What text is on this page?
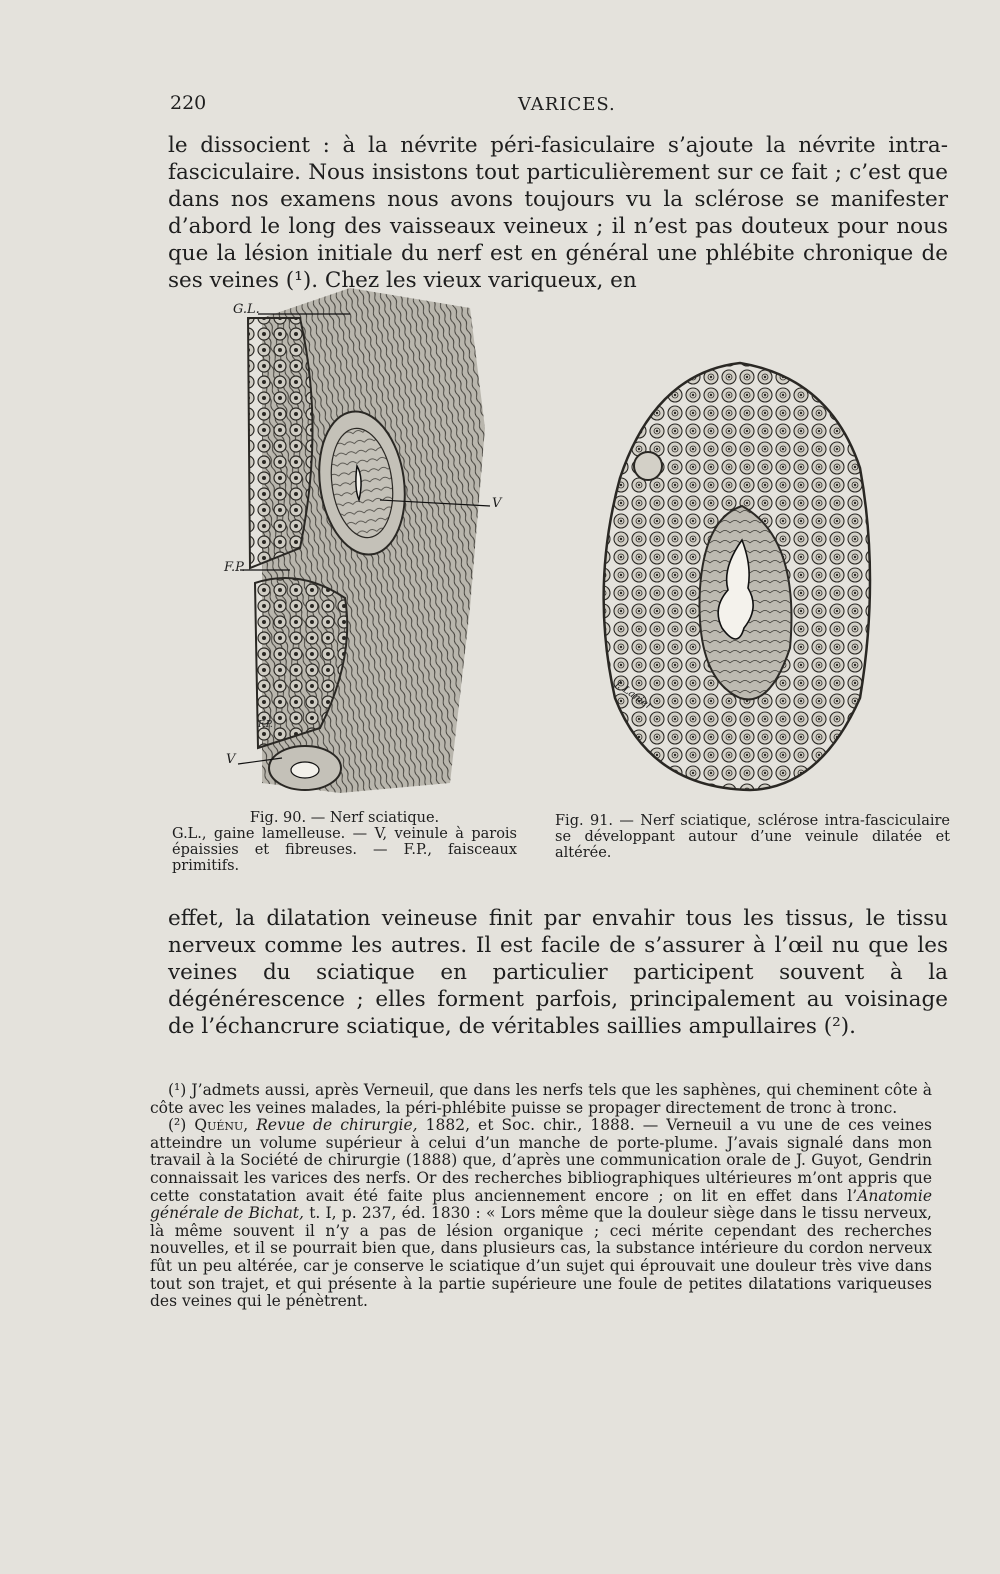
220	VARICES.

le dissocient : à la névrite péri-fasiculaire s’ajoute la névrite intra-fasciculaire. Nous insistons tout particulièrement sur ce fait ; c’est que dans nos examens nous avons toujours vu la sclérose se manifester d’abord le long des vaisseaux veineux ; il n’est pas douteux pour nous que la lésion initiale du nerf est en général une phlébite chronique de ses veines (¹). Chez les vieux variqueux, en

G.L.
V
F.P.
F.P.
V
J. Lanier
Fig. 90. — Nerf sciatique.
G.L., gaine lamelleuse. — V, veinule à parois épaissies et fibreuses. — F.P., faisceaux primitifs.
Fig. 91. — Nerf sciatique, sclérose intra-fasciculaire se développant autour d’une veinule dilatée et altérée.

effet, la dilatation veineuse finit par envahir tous les tissus, le tissu nerveux comme les autres. Il est facile de s’assurer à l’œil nu que les veines du sciatique en particulier participent souvent à la dégénérescence ; elles forment parfois, principalement au voisinage de l’échancrure sciatique, de véritables saillies ampullaires (²).

(¹) J’admets aussi, après Verneuil, que dans les nerfs tels que les saphènes, qui cheminent côte à côte avec les veines malades, la péri-phlébite puisse se propager directement de tronc à tronc.

(²) Quénu, Revue de chirurgie, 1882, et Soc. chir., 1888. — Verneuil a vu une de ces veines atteindre un volume supérieur à celui d’un manche de porte-plume. J’avais signalé dans mon travail à la Société de chirurgie (1888) que, d’après une communication orale de J. Guyot, Gendrin connaissait les varices des nerfs. Or des recherches bibliographiques ultérieures m’ont appris que cette constatation avait été faite plus anciennement encore ; on lit en effet dans l’Anatomie générale de Bichat, t. I, p. 237, éd. 1830 : « Lors même que la douleur siège dans le tissu nerveux, là même souvent il n’y a pas de lésion organique ; ceci mérite cependant des recherches nouvelles, et il se pourrait bien que, dans plusieurs cas, la substance intérieure du cordon nerveux fût un peu altérée, car je conserve le sciatique d’un sujet qui éprouvait une douleur très vive dans tout son trajet, et qui présente à la partie supérieure une foule de petites dilatations variqueuses des veines qui le pénètrent.
